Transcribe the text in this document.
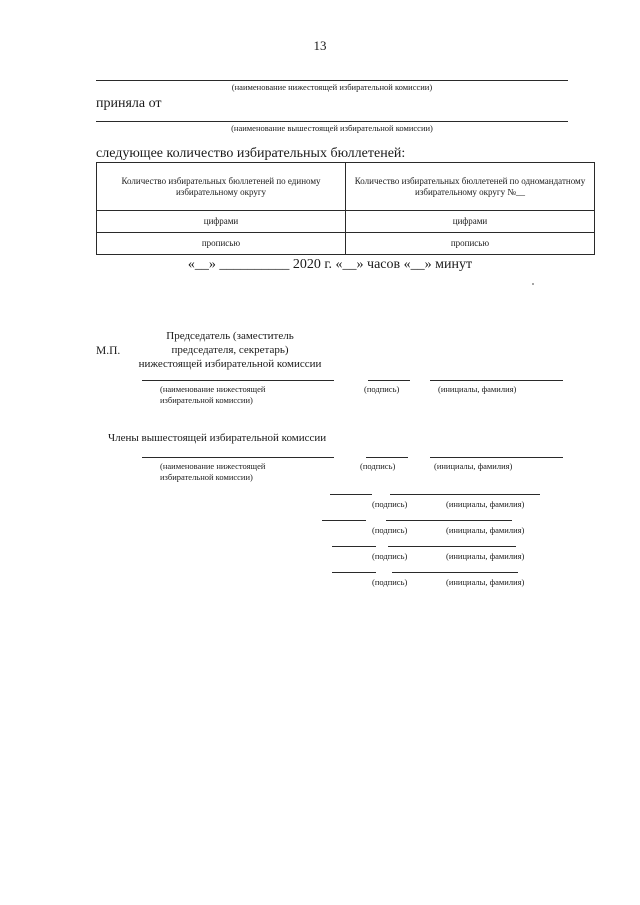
13
(наименование нижестоящей избирательной комиссии)
приняла от
(наименование вышестоящей избирательной комиссии)
следующее количество избирательных бюллетеней:
Количество избирательных бюллетеней по единому избирательному округу	Количество избирательных бюллетеней по одномандатному избирательному округу №__
цифрами	цифрами
прописью	прописью
«__» __________ 2020 г. «__» часов «__» минут
М.П.
Председатель (заместитель
председателя, секретарь)
нижестоящей избирательной комиссии
(наименование нижестоящей
избирательной комиссии)
(подпись)	(инициалы, фамилия)
Члены вышестоящей избирательной комиссии
(наименование нижестоящей
избирательной комиссии)
(подпись)	(инициалы, фамилия)
(подпись)	(инициалы, фамилия)
(подпись)	(инициалы, фамилия)
(подпись)	(инициалы, фамилия)
(подпись)	(инициалы, фамилия)
